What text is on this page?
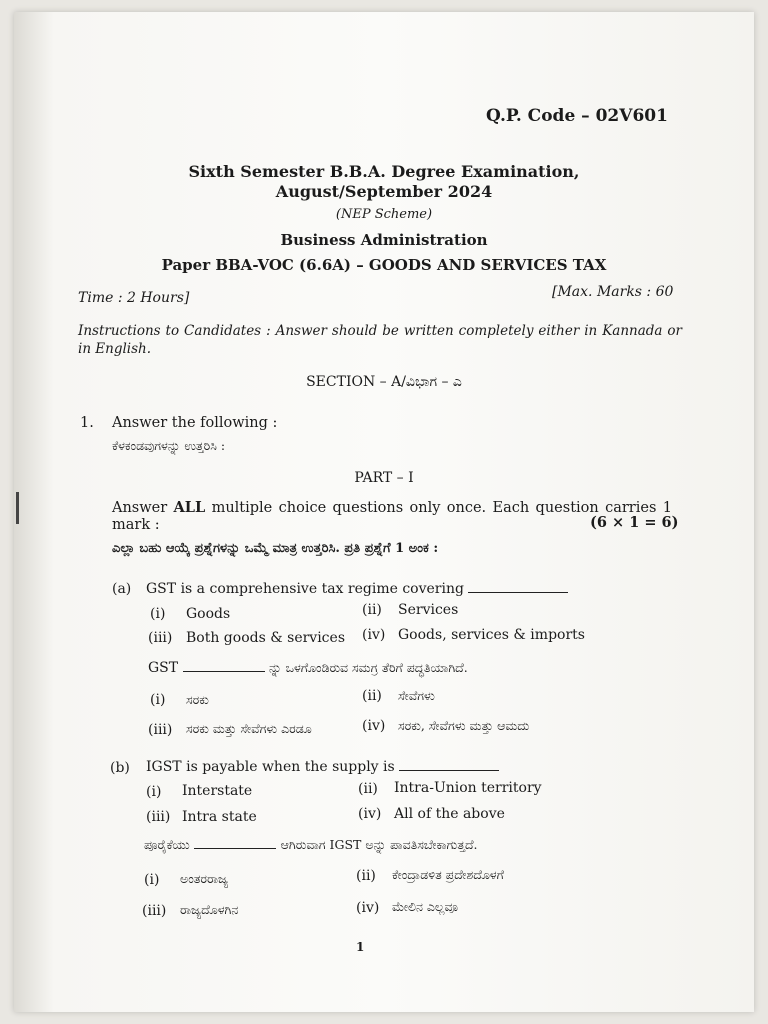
Q.P. Code – 02V601
Sixth Semester B.B.A. Degree Examination,
August/September 2024
(NEP Scheme)
Business Administration
Paper BBA-VOC (6.6A) – GOODS AND SERVICES TAX
Time : 2 Hours]	[Max. Marks : 60
Instructions to Candidates : Answer should be written completely either in Kannada or in English.
SECTION – A/ವಿಭಾಗ – ಎ
1. Answer the following :
ಕೆಳಕಂಡವುಗಳನ್ನು ಉತ್ತರಿಸಿ :
PART – I
Answer ALL multiple choice questions only once. Each question carries 1 mark :	(6 × 1 = 6)
ಎಲ್ಲಾ ಬಹು ಆಯ್ಕೆ ಪ್ರಶ್ನೆಗಳನ್ನು ಒಮ್ಮೆ ಮಾತ್ರ ಉತ್ತರಿಸಿ. ಪ್ರತಿ ಪ್ರಶ್ನೆಗೆ 1 ಅಂಕ :
(a) GST is a comprehensive tax regime covering
(i) Goods	(ii) Services
(iii) Both goods & services (iv) Goods, services & imports
GST	ನ್ನು ಒಳಗೊಂಡಿರುವ ಸಮಗ್ರ ತೆರಿಗೆ ಪದ್ಧತಿಯಾಗಿದೆ.
(i) ಸರಕು	(ii) ಸೇವೆಗಳು
(iii) ಸರಕು ಮತ್ತು ಸೇವೆಗಳು ಎರಡೂ	(iv) ಸರಕು, ಸೇವೆಗಳು ಮತ್ತು ಆಮದು
(b) IGST is payable when the supply is
(i) Interstate	(ii) Intra-Union territory
(iii) Intra state	(iv) All of the above
ಪೂರೈಕೆಯು	ಆಗಿರುವಾಗ IGST ಅನ್ನು ಪಾವತಿಸಬೇಕಾಗುತ್ತದೆ.
(i) ಅಂತರರಾಜ್ಯ	(ii) ಕೇಂದ್ರಾಡಳಿತ ಪ್ರದೇಶದೊಳಗೆ
(iii) ರಾಜ್ಯದೊಳಗಿನ	(iv) ಮೇಲಿನ ಎಲ್ಲವೂ
1
